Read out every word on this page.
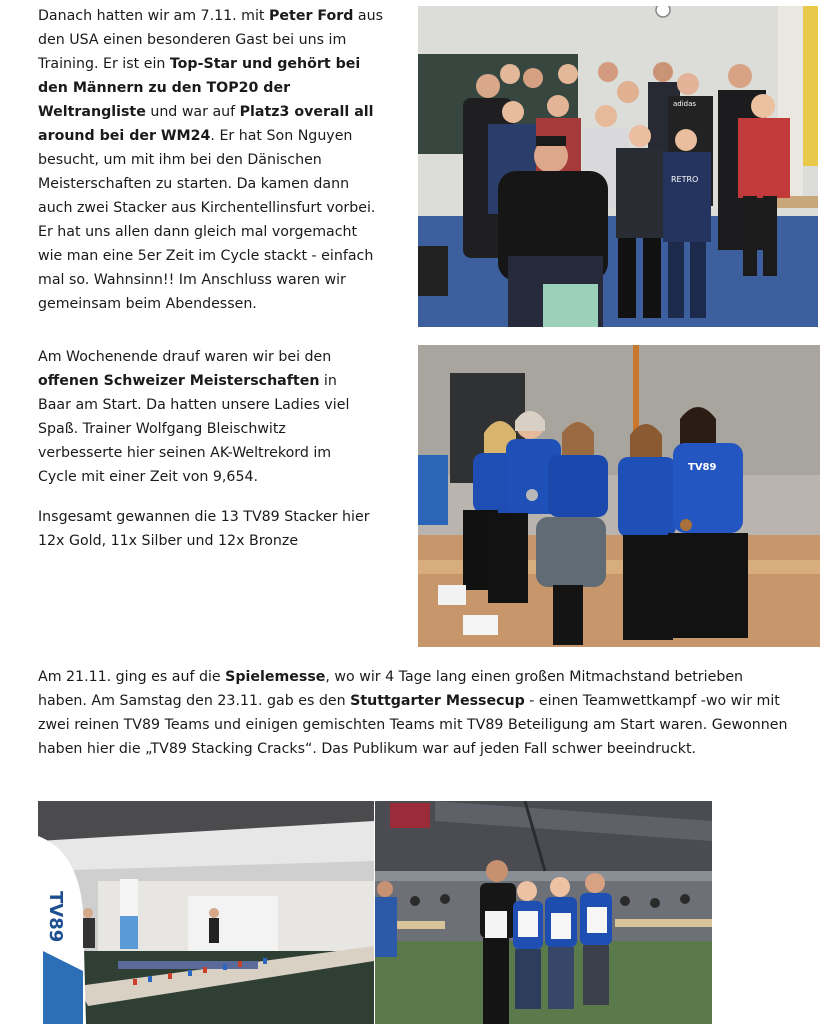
Danach hatten wir am 7.11. mit Peter Ford aus den USA einen besonderen Gast bei uns im Training. Er ist ein Top-Star und gehört bei den Männern zu den TOP20 der Weltrangliste und war auf Platz3 overall all around bei der WM24. Er hat Son Nguyen besucht, um mit ihm bei den Dänischen Meisterschaften zu starten. Da kamen dann auch zwei Stacker aus Kirchentellinsfurt vorbei. Er hat uns allen dann gleich mal vorgemacht wie man eine 5er Zeit im Cycle stackt - einfach mal so. Wahnsinn!! Im Anschluss waren wir gemeinsam beim Abendessen.

RETRO
adidas

Am Wochenende drauf waren wir bei den offenen Schweizer Meisterschaften in Baar am Start. Da hatten unsere Ladies viel Spaß. Trainer Wolfgang Bleischwitz verbesserte hier seinen AK-Weltrekord im Cycle mit einer Zeit von 9,654.

Insgesamt gewannen die 13 TV89 Stacker hier 12x Gold, 11x Silber und 12x Bronze

TV89

Am 21.11. ging es auf die Spielemesse, wo wir 4 Tage lang einen großen Mitmachstand betrieben haben. Am Samstag den 23.11. gab es den Stuttgarter Messecup - einen Teamwettkampf -wo wir mit zwei reinen TV89 Teams und einigen gemischten Teams mit TV89 Beteiligung am Start waren. Gewonnen haben hier die „TV89 Stacking Cracks“. Das Publikum war auf jeden Fall schwer beeindruckt.

TV89
